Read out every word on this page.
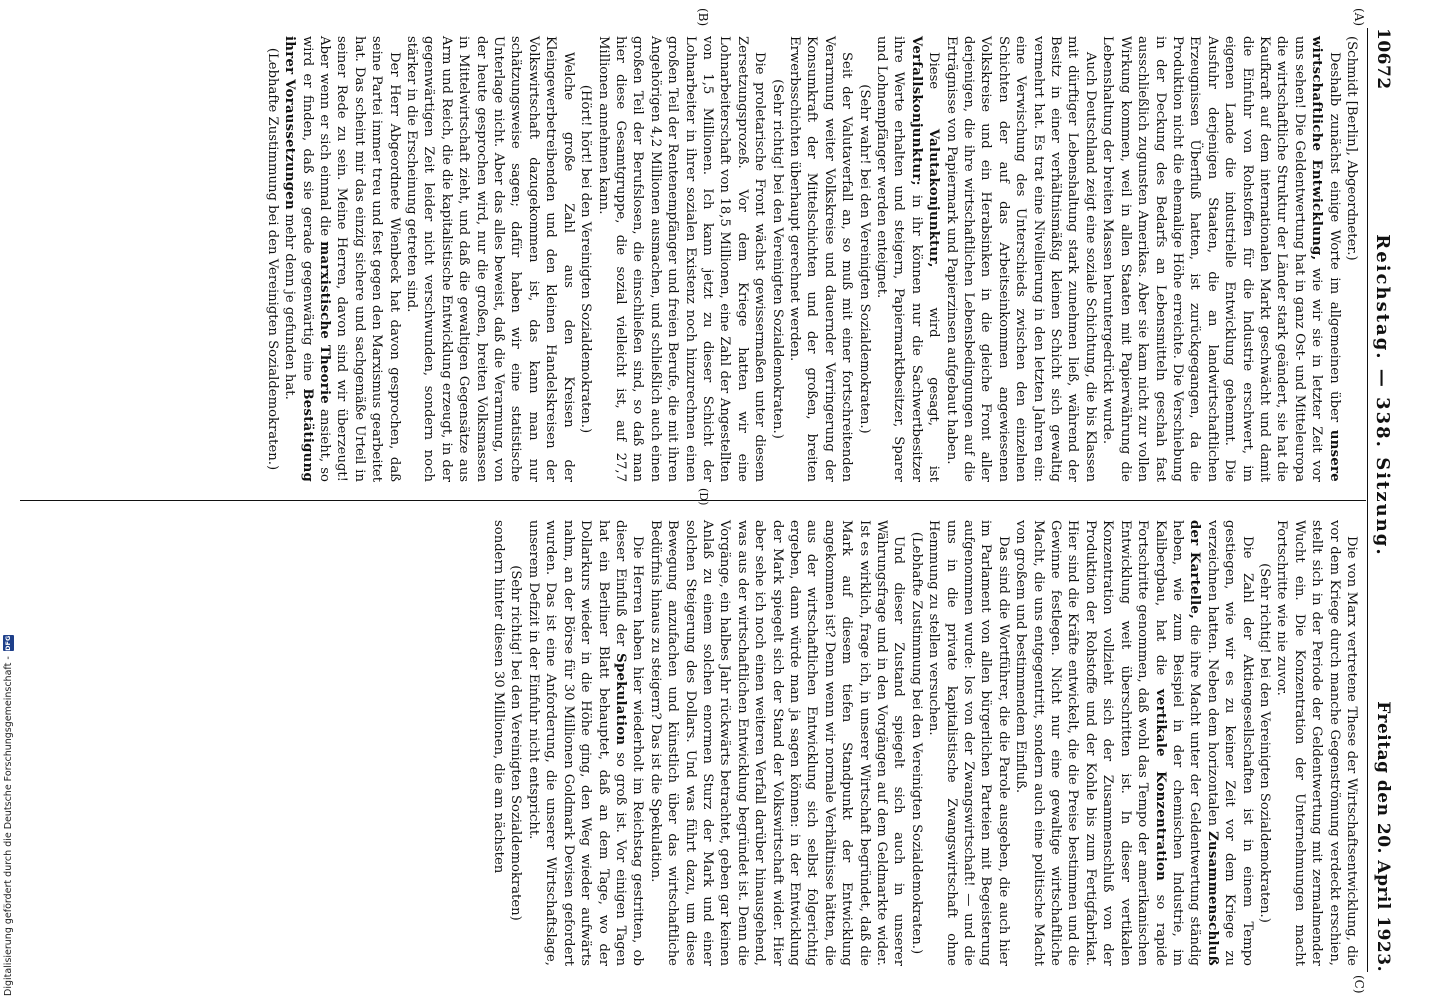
10672
Reichstag. — 338. Sitzung.
Freitag den 20. April 1923.
(A)
(B)
(C)
(D)

(Schmidt [Berlin], Abgeordneter.)

Deshalb zunächst einige Worte im allgemeinen über unsere wirtschaftliche Entwicklung, wie wir sie in letzter Zeit vor uns sehen! Die Geldentwertung hat in ganz Ost- und Mitteleuropa die wirtschaftliche Struktur der Länder stark geändert, sie hat die Kaufkraft auf dem internationalen Markt geschwächt und damit die Einfuhr von Rohstoffen für die Industrie erschwert, im eigenen Lande die industrielle Entwicklung gehemmt. Die Ausfuhr derjenigen Staaten, die an landwirtschaftlichen Erzeugnissen Überfluß hatten, ist zurückgegangen, da die Produktion nicht die ehemalige Höhe erreichte. Die Verschiebung in der Deckung des Bedarfs an Lebensmitteln geschah fast ausschließlich zugunsten Amerikas. Aber sie kam nicht zur vollen Wirkung kommen, weil in allen Staaten mit Papierwährung die Lebenshaltung der breiten Massen heruntergedrückt wurde.

Auch Deutschland zeigt eine soziale Schichtung, die bis Klassen mit dürftiger Lebenshaltung stark zunehmen ließ, während der Besitz in einer verhältnismäßig kleinen Schicht sich gewaltig vermehrt hat. Es trat eine Nivellierung in den letzten Jahren ein: eine Verwischung des Unterschieds zwischen den einzelnen Schichten der auf das Arbeitseinkommen angewiesenen Volkskreise und ein Herabsinken in die gleiche Front aller derjenigen, die ihre wirtschaftlichen Lebensbedingungen auf die Erträgnisse von Papiermark und Papierzinsen aufgebaut haben.

Diese Valutakonjunktur, wird gesagt, ist Verfallskonjunktur; in ihr können nur die Sachwertbesitzer ihre Werte erhalten und steigern, Papiermarktbesitzer, Sparer und Lohnempfänger werden enteignet.

(Sehr wahr! bei den Vereinigten Sozialdemokraten.)

Seit der Valutaverfall an, so muß mit einer fortschreitenden Verarmung weiter Volkskreise und dauernder Verringerung der Konsumkraft der Mittelschichten und der großen, breiten Erwerbsschichten überhaupt gerechnet werden.

(Sehr richtig! bei den Vereinigten Sozialdemokraten.)

Die proletarische Front wächst gewissermaßen unter diesem Zersetzungsprozeß. Vor dem Kriege hatten wir eine Lohnarbeiterschaft von 18,5 Millionen, eine Zahl der Angestellten von 1,5 Millionen. Ich kann jetzt zu dieser Schicht der Lohnarbeiter in ihrer sozialen Existenz noch hinzurechnen einen großen Teil der Rentenempfänger und freien Berufe, die mit ihren Angehörigen 4,2 Millionen ausmachen, und schließlich auch einen großen Teil der Berufslosen, die einschließen sind, so daß man hier diese Gesamtgruppe, die sozial vielleicht ist, auf 27,7 Millionen annehmen kann.

(Hört! hört! bei den Vereinigten Sozialdemokraten.)

Welche große Zahl aus den Kreisen der Kleingewerbetreibenden und den kleinen Handelskreisen der Volkswirtschaft dazugekommen ist, das kann man nur schätzungsweise sagen; dafür haben wir eine statistische Unterlage nicht. Aber das alles beweist, daß die Verarmung, von der heute gesprochen wird, nur die großen, breiten Volksmassen in Mittelwirtschaft zieht, und daß die gewaltigen Gegensätze aus Arm und Reich, die die kapitalistische Entwicklung erzeugt, in der gegenwärtigen Zeit leider nicht verschwunden, sondern noch stärker in die Erscheinung getreten sind.

Der Herr Abgeordnete Wienbeck hat davon gesprochen, daß seine Partei immer treu und fest gegen den Marxismus gearbeitet hat. Das scheint mir das einzig sichere und sachgemäße Urteil in seiner Rede zu sein. Meine Herren, davon sind wir überzeugt! Aber wenn er sich einmal die marxistische Theorie ansieht, so wird er finden, daß sie gerade gegenwärtig eine Bestätigung ihrer Voraussetzungen mehr denn je gefunden hat.

(Lebhafte Zustimmung bei den Vereinigten Sozialdemokraten.)

Die von Marx vertretene These der Wirtschaftsentwicklung, die vor dem Kriege durch manche Gegenströmung verdeckt erschien, stellt sich in der Periode der Geldentwertung mit zermalmender Wucht ein. Die Konzentration der Unternehmungen macht Fortschritte wie nie zuvor.

(Sehr richtig! bei den Vereinigten Sozialdemokraten.)

Die Zahl der Aktiengesellschaften ist in einem Tempo gestiegen, wie wir es zu keiner Zeit vor dem Kriege zu verzeichnen hatten. Neben dem horizontalen Zusammenschluß der Kartelle, die ihre Macht unter der Geldentwertung ständig heben, wie zum Beispiel in der chemischen Industrie, im Kalibergbau, hat die vertikale Konzentration so rapide Fortschritte genommen, daß wohl das Tempo der amerikanischen Entwicklung weit überschritten ist. In dieser vertikalen Konzentration vollzieht sich der Zusammenschluß von der Produktion der Rohstoffe und der Kohle bis zum Fertigfabrikat. Hier sind die Kräfte entwickelt, die die Preise bestimmen und die Gewinne festlegen. Nicht nur eine gewaltige wirtschaftliche Macht, die uns entgegentritt, sondern auch eine politische Macht von großem und bestimmendem Einfluß.

Das sind die Wortführer, die die Parole ausgeben, die auch hier im Parlament von allen bürgerlichen Parteien mit Begeisterung aufgenommen wurde: los von der Zwangswirtschaft! — und die uns in die private kapitalistische Zwangswirtschaft ohne Hemmung zu stellen versuchen.

(Lebhafte Zustimmung bei den Vereinigten Sozialdemokraten.)

Und dieser Zustand spiegelt sich auch in unserer Währungsfrage und in den Vorgängen auf dem Geldmarkte wider. Ist es wirklich, frage ich, in unserer Wirtschaft begründet, daß die Mark auf diesem tiefen Standpunkt der Entwicklung angekommen ist? Denn wenn wir normale Verhältnisse hätten, die aus der wirtschaftlichen Entwicklung sich selbst folgerichtig ergeben, dann würde man ja sagen können: in der Entwicklung der Mark spiegelt sich der Stand der Volkswirtschaft wider. Hier aber sehe ich noch einen weiteren Verfall darüber hinausgehend, was aus der wirtschaftlichen Entwicklung begründet ist. Denn die Vorgänge, ein halbes Jahr rückwärts betrachtet, geben gar keinen Anlaß zu einem solchen enormen Sturz der Mark und einer solchen Steigerung des Dollars. Und was führt dazu, um diese Bewegung anzufachen und künstlich über das wirtschaftliche Bedürfnis hinaus zu steigern? Das ist die Spekulation.

Die Herren haben hier wiederholt im Reichstag gestritten, ob dieser Einfluß der Spekulation so groß ist. Vor einigen Tagen hat ein Berliner Blatt behauptet, daß an dem Tage, wo der Dollarkurs wieder in die Höhe ging, den Weg wieder aufwärts nahm, an der Börse für 30 Millionen Goldmark Devisen gefordert wurden. Das ist eine Anforderung, die unserer Wirtschaftslage, unserem Defizit in der Einfuhr nicht entspricht.

(Sehr richtig! bei den Vereinigten Sozialdemokraten)

sondern hinter diesen 30 Millionen, die am nächsten

Digitalisierung gefördert durch die Deutsche Forschungsgemeinschaft -
DFG
